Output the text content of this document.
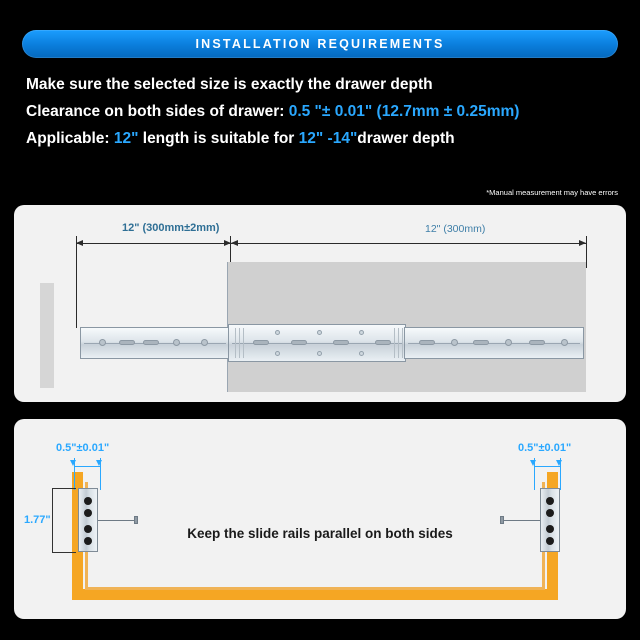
INSTALLATION REQUIREMENTS
Make sure the selected size is exactly the drawer depth
Clearance on both sides of drawer: 0.5 "± 0.01" (12.7mm ± 0.25mm)
Applicable: 12" length is suitable for 12" -14"drawer depth
*Manual measurement may have errors
12" (300mm±2mm)	12" (300mm)
0.5"±0.01"	0.5"±0.01"
1.77"
Keep the slide rails parallel on both sides
